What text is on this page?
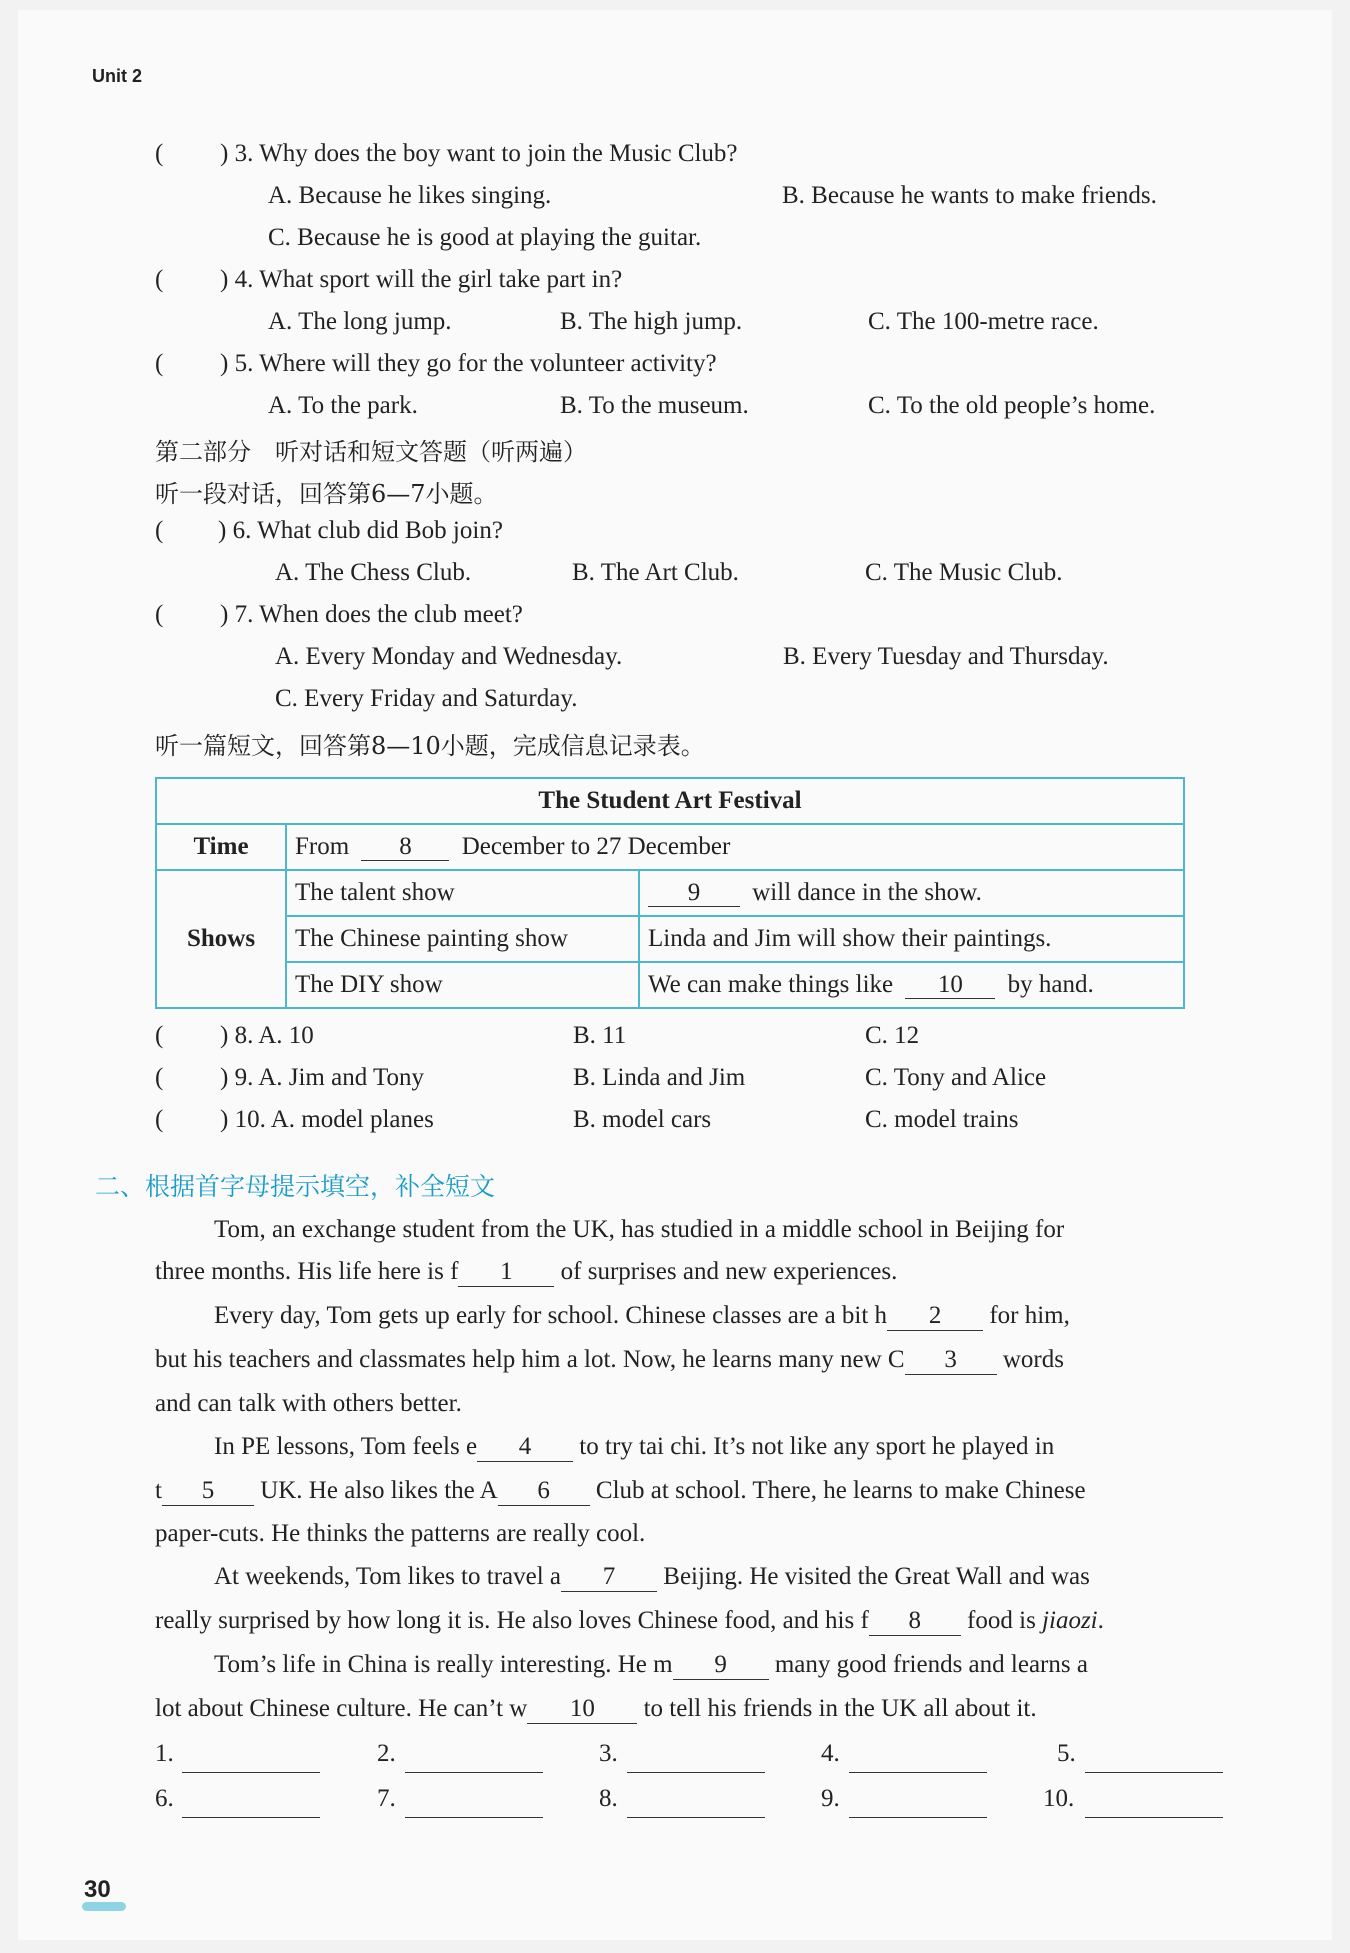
Unit 2
( ) 3. Why does the boy want to join the Music Club?
A. Because he likes singing.	B. Because he wants to make friends.
C. Because he is good at playing the guitar.
( ) 4. What sport will the girl take part in?
A. The long jump.	B. The high jump.	C. The 100-metre race.
( ) 5. Where will they go for the volunteer activity?
A. To the park.	B. To the museum.	C. To the old people’s home.
第二部分　听对话和短文答题（听两遍）
听一段对话，回答第6—7小题。
( ) 6. What club did Bob join?
A. The Chess Club.	B. The Art Club.	C. The Music Club.
( ) 7. When does the club meet?
A. Every Monday and Wednesday.	B. Every Tuesday and Thursday.
C. Every Friday and Saturday.
听一篇短文，回答第8—10小题，完成信息记录表。
The Student Art Festival		
Time	From 8 December to 27 December	
Shows	The talent show	9 will dance in the show.
	The Chinese painting show	Linda and Jim will show their paintings.
	The DIY show	We can make things like 10 by hand.
( ) 8. A. 10	B. 11	C. 12
( ) 9. A. Jim and Tony	B. Linda and Jim	C. Tony and Alice
( ) 10. A. model planes	B. model cars	C. model trains
二、根据首字母提示填空，补全短文
Tom, an exchange student from the UK, has studied in a middle school in Beijing for
three months. His life here is f 1 of surprises and new experiences.
Every day, Tom gets up early for school. Chinese classes are a bit h 2 for him,
but his teachers and classmates help him a lot. Now, he learns many new C 3 words
and can talk with others better.
In PE lessons, Tom feels e 4 to try tai chi. It’s not like any sport he played in
t 5 UK. He also likes the A 6 Club at school. There, he learns to make Chinese
paper-cuts. He thinks the patterns are really cool.
At weekends, Tom likes to travel a 7 Beijing. He visited the Great Wall and was
really surprised by how long it is. He also loves Chinese food, and his f 8 food is jiaozi.
Tom’s life in China is really interesting. He m 9 many good friends and learns a
lot about Chinese culture. He can’t w 10 to tell his friends in the UK all about it.
1.	2.	3.	4.	5.
6.	7.	8.	9.	10.
30
